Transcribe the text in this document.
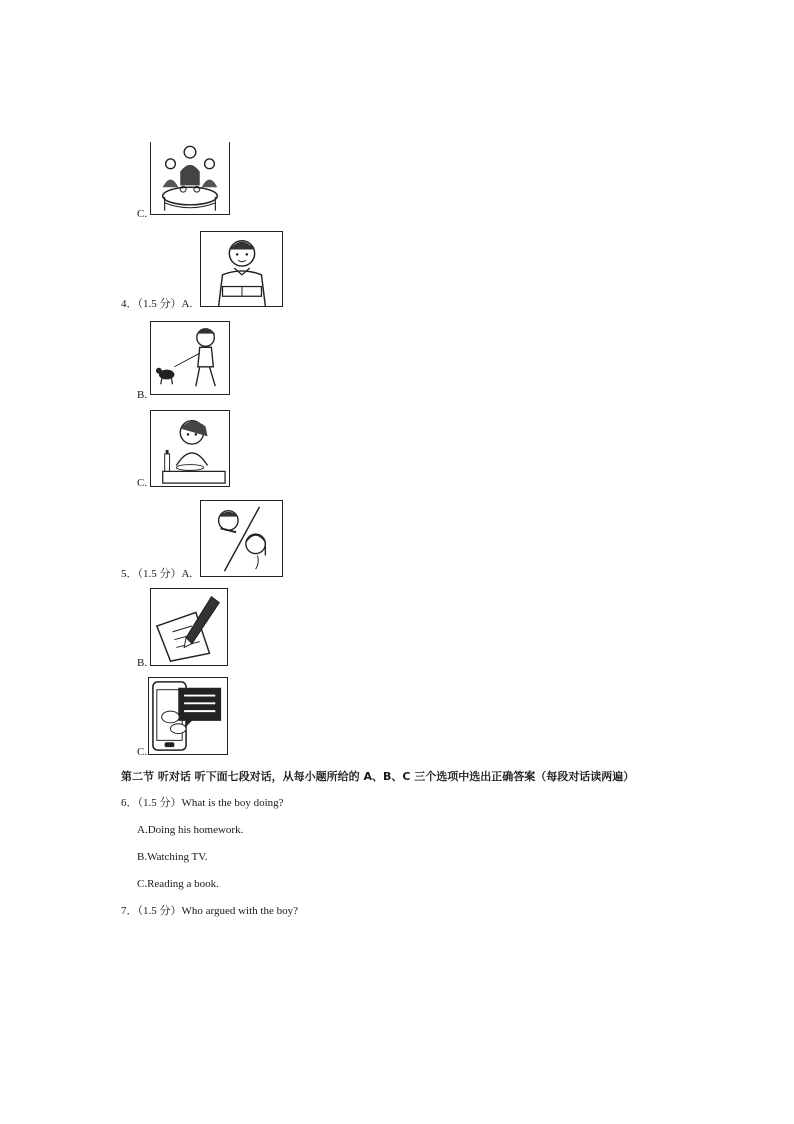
C.
4．（1.5 分）A.
B.
C.
5．（1.5 分）A.
B.
C.
第二节 听对话 听下面七段对话，从每小题所给的 A、B、C 三个选项中选出正确答案（每段对话读两遍）
6．（1.5 分）What is the boy doing?
A.Doing his homework.
B.Watching TV.
C.Reading a book.
7．（1.5 分）Who argued with the boy?
